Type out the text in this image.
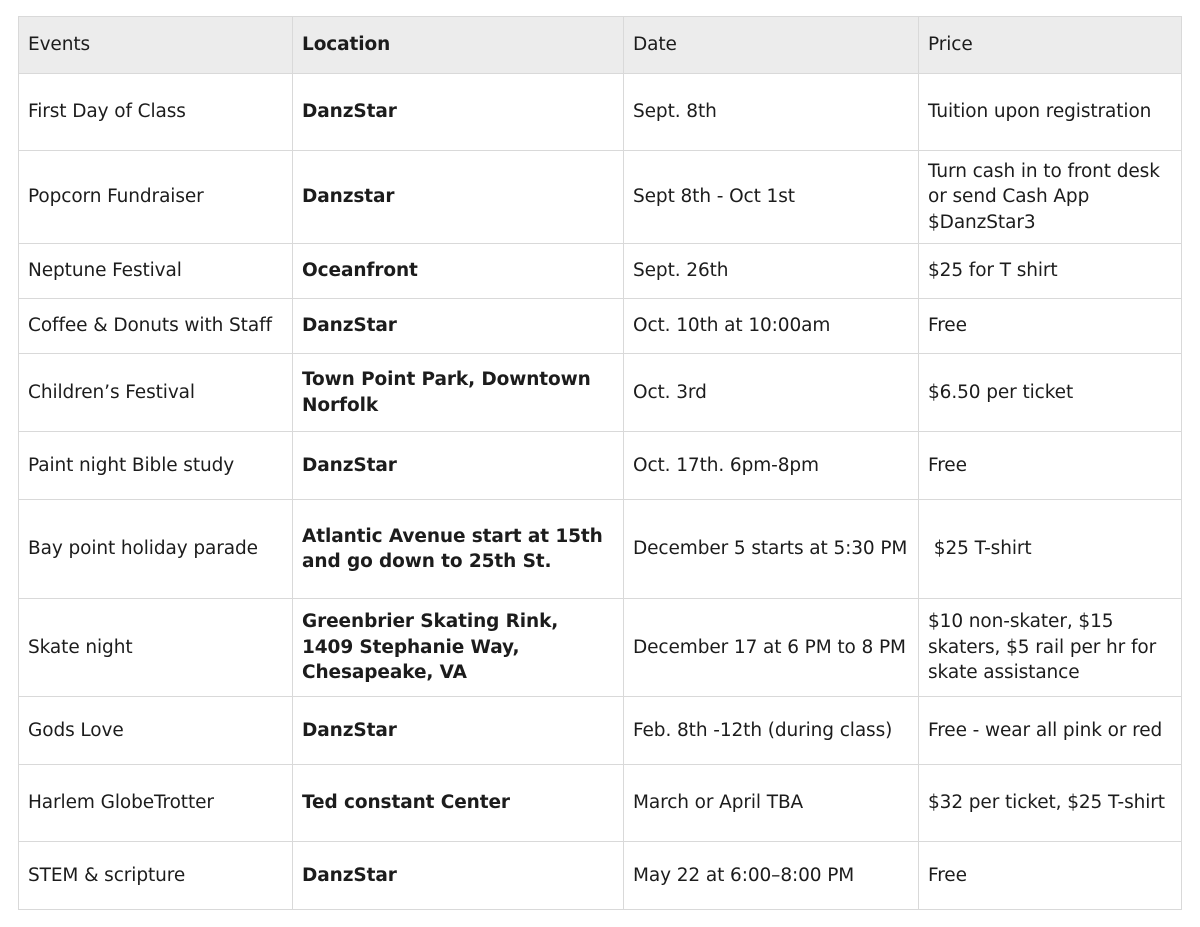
Events	Location	Date	Price
First Day of Class	DanzStar	Sept. 8th	Tuition upon registration
Popcorn Fundraiser	Danzstar	Sept 8th - Oct 1st	Turn cash in to front desk or send Cash App $DanzStar3
Neptune Festival	Oceanfront	Sept. 26th	$25 for T shirt
Coffee & Donuts with Staff	DanzStar	Oct. 10th at 10:00am	Free
Children’s Festival	Town Point Park, Downtown Norfolk	Oct. 3rd	$6.50 per ticket
Paint night Bible study	DanzStar	Oct. 17th. 6pm-8pm	Free
Bay point holiday parade	Atlantic Avenue start at 15th and go down to 25th St.	December 5 starts at 5:30 PM	$25 T-shirt
Skate night	Greenbrier Skating Rink, 1409 Stephanie Way, Chesapeake, VA	December 17 at 6 PM to 8 PM	$10 non-skater, $15 skaters, $5 rail per hr for skate assistance
Gods Love	DanzStar	Feb. 8th -12th (during class)	Free - wear all pink or red
Harlem GlobeTrotter	Ted constant Center	March or April TBA	$32 per ticket, $25 T-shirt
STEM & scripture	DanzStar	May 22 at 6:00–8:00 PM	Free
